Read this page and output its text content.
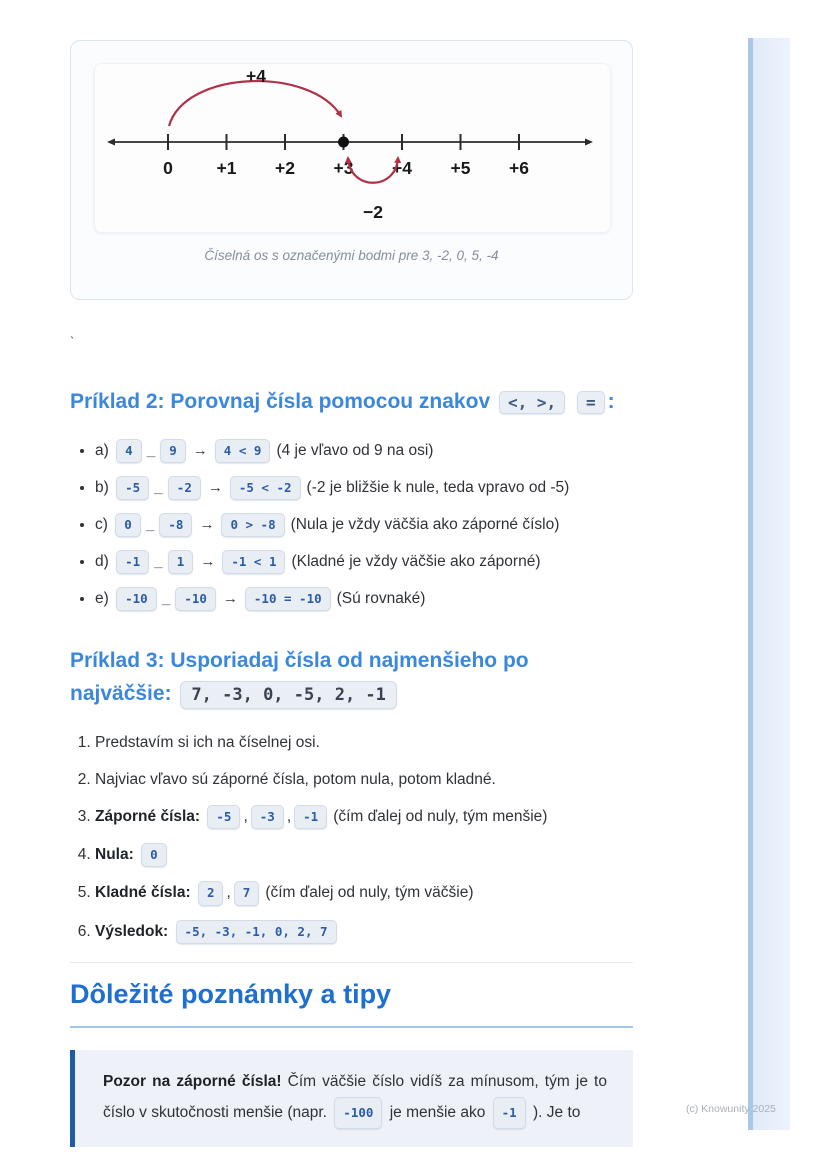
0 +1 +2 +3 +4 +5 +6
+4
−2
Číselná os s označenými bodmi pre 3, -2, 0, 5, -4
`
Príklad 2: Porovnaj čísla pomocou znakov <, >, = :
• a) 4 _ 9 → 4 < 9 (4 je vľavo od 9 na osi)
• b) -5 _ -2 → -5 < -2 (-2 je bližšie k nule, teda vpravo od -5)
• c) 0 _ -8 → 0 > -8 (Nula je vždy väčšia ako záporné číslo)
• d) -1 _ 1 → -1 < 1 (Kladné je vždy väčšie ako záporné)
• e) -10 _ -10 → -10 = -10 (Sú rovnaké)
Príklad 3: Usporiadaj čísla od najmenšieho po najväčšie: 7, -3, 0, -5, 2, -1
1. Predstavím si ich na číselnej osi.
2. Najviac vľavo sú záporné čísla, potom nula, potom kladné.
3. Záporné čísla: -5 , -3 , -1 (čím ďalej od nuly, tým menšie)
4. Nula: 0
5. Kladné čísla: 2 , 7 (čím ďalej od nuly, tým väčšie)
6. Výsledok: -5, -3, -1, 0, 2, 7
Dôležité poznámky a tipy
Pozor na záporné čísla! Čím väčšie číslo vidíš za mínusom, tým je to číslo v skutočnosti menšie (napr. -100 je menšie ako -1 ). Je to	(c) Knowunity 2025
